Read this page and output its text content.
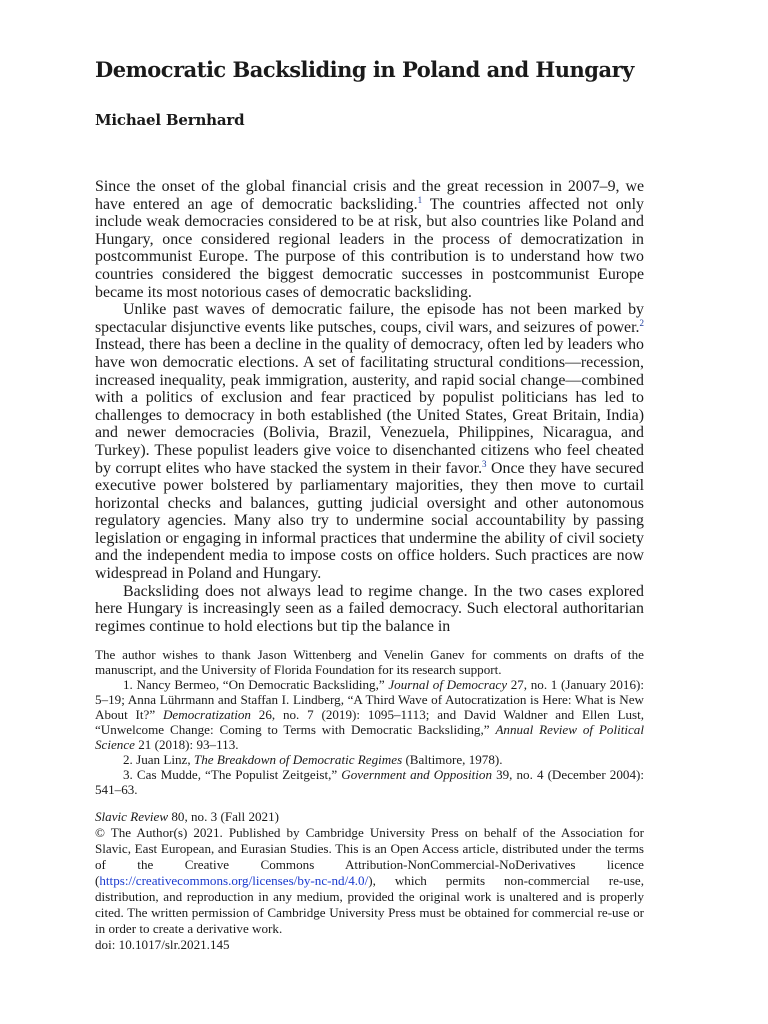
Democratic Backsliding in Poland and Hungary
Michael Bernhard

Since the onset of the global financial crisis and the great recession in 2007–9, we have entered an age of democratic backsliding.$^1$ The countries affected not only include weak democracies considered to be at risk, but also countries like Poland and Hungary, once considered regional leaders in the process of democratization in postcommunist Europe. The purpose of this contribution is to understand how two countries considered the biggest democratic successes in postcommunist Europe became its most notorious cases of democratic backsliding.

Unlike past waves of democratic failure, the episode has not been marked by spectacular disjunctive events like putsches, coups, civil wars, and seizures of power.$^2$ Instead, there has been a decline in the quality of democracy, often led by leaders who have won democratic elections. A set of facilitating structural conditions—recession, increased inequality, peak immigration, austerity, and rapid social change—combined with a politics of exclusion and fear practiced by populist politicians has led to challenges to democracy in both established (the United States, Great Britain, India) and newer democracies (Bolivia, Brazil, Venezuela, Philippines, Nicaragua, and Turkey). These populist leaders give voice to disenchanted citizens who feel cheated by corrupt elites who have stacked the system in their favor.$^3$ Once they have secured executive power bolstered by parliamentary majorities, they then move to curtail horizontal checks and balances, gutting judicial oversight and other autonomous regulatory agencies. Many also try to undermine social accountability by passing legislation or engaging in informal practices that undermine the ability of civil society and the independent media to impose costs on office holders. Such practices are now widespread in Poland and Hungary.

Backsliding does not always lead to regime change. In the two cases explored here Hungary is increasingly seen as a failed democracy. Such electoral authoritarian regimes continue to hold elections but tip the balance in

The author wishes to thank Jason Wittenberg and Venelin Ganev for comments on drafts of the manuscript, and the University of Florida Foundation for its research support.

1. Nancy Bermeo, “On Democratic Backsliding,” Journal of Democracy 27, no. 1 (January 2016): 5–19; Anna Lührmann and Staffan I. Lindberg, “A Third Wave of Autocratization is Here: What is New About It?” Democratization 26, no. 7 (2019): 1095–1113; and David Waldner and Ellen Lust, “Unwelcome Change: Coming to Terms with Democratic Backsliding,” Annual Review of Political Science 21 (2018): 93–113.

2. Juan Linz, The Breakdown of Democratic Regimes (Baltimore, 1978).

3. Cas Mudde, “The Populist Zeitgeist,” Government and Opposition 39, no. 4 (December 2004): 541–63.

Slavic Review 80, no. 3 (Fall 2021)

© The Author(s) 2021. Published by Cambridge University Press on behalf of the Association for Slavic, East European, and Eurasian Studies. This is an Open Access article, distributed under the terms of the Creative Commons Attribution-NonCommercial-NoDerivatives licence (https://creativecommons.org/licenses/by-nc-nd/4.0/), which permits non-commercial re-use, distribution, and reproduction in any medium, provided the original work is unaltered and is properly cited. The written permission of Cambridge University Press must be obtained for commercial re-use or in order to create a derivative work.

doi: 10.1017/slr.2021.145
